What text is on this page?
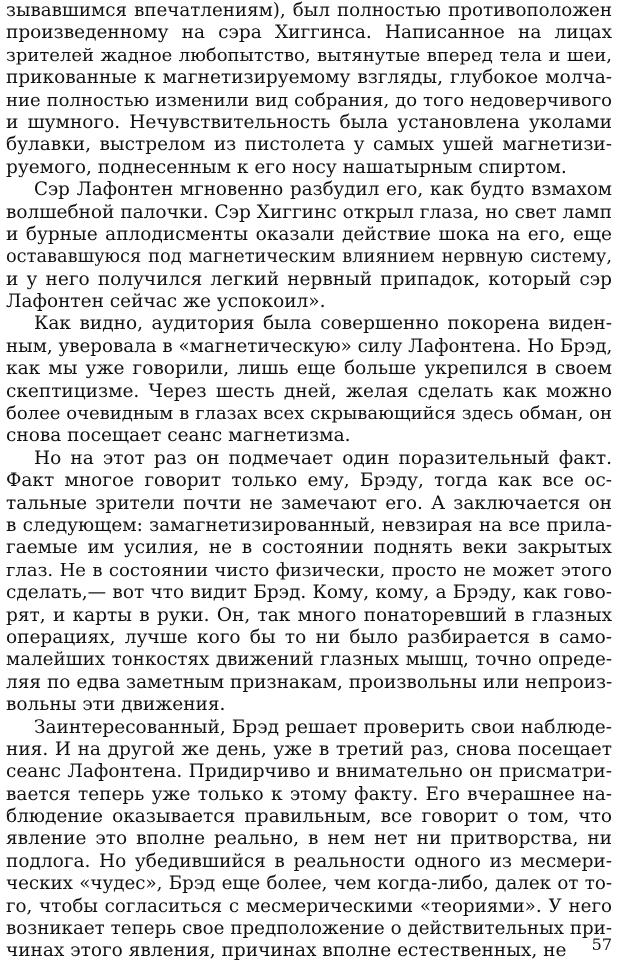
зывавшимся впечатлениям), был полностью противоположен
произведенному на сэра Хиггинса. Написанное на лицах
зрителей жадное любопытство, вытянутые вперед тела и шеи,
прикованные к магнетизируемому взгляды, глубокое молча-
ние полностью изменили вид собрания, до того недоверчивого
и шумного. Нечувствительность была установлена уколами
булавки, выстрелом из пистолета у самых ушей магнетизи-
руемого, поднесенным к его носу нашатырным спиртом.
Сэр Лафонтен мгновенно разбудил его, как будто взмахом
волшебной палочки. Сэр Хиггинс открыл глаза, но свет ламп
и бурные аплодисменты оказали действие шока на его, еще
остававшуюся под магнетическим влиянием нервную систему,
и у него получился легкий нервный припадок, который сэр
Лафонтен сейчас же успокоил».
Как видно, аудитория была совершенно покорена виден-
ным, уверовала в «магнетическую» силу Лафонтена. Но Брэд,
как мы уже говорили, лишь еще больше укрепился в своем
скептицизме. Через шесть дней, желая сделать как можно
более очевидным в глазах всех скрывающийся здесь обман, он
снова посещает сеанс магнетизма.
Но на этот раз он подмечает один поразительный факт.
Факт многое говорит только ему, Брэду, тогда как все ос-
тальные зрители почти не замечают его. А заключается он
в следующем: замагнетизированный, невзирая на все прила-
гаемые им усилия, не в состоянии поднять веки закрытых
глаз. Не в состоянии чисто физически, просто не может этого
сделать,— вот что видит Брэд. Кому, кому, а Брэду, как гово-
рят, и карты в руки. Он, так много понаторевший в глазных
операциях, лучше кого бы то ни было разбирается в само-
малейших тонкостях движений глазных мышц, точно опреде-
ляя по едва заметным признакам, произвольны или непроиз-
вольны эти движения.
Заинтересованный, Брэд решает проверить свои наблюде-
ния. И на другой же день, уже в третий раз, снова посещает
сеанс Лафонтена. Придирчиво и внимательно он присматри-
вается теперь уже только к этому факту. Его вчерашнее на-
блюдение оказывается правильным, все говорит о том, что
явление это вполне реально, в нем нет ни притворства, ни
подлога. Но убедившийся в реальности одного из месмери-
ческих «чудес», Брэд еще более, чем когда-либо, далек от то-
го, чтобы согласиться с месмерическими «теориями». У него
возникает теперь свое предположение о действительных при-
чинах этого явления, причинах вполне естественных, не	57
